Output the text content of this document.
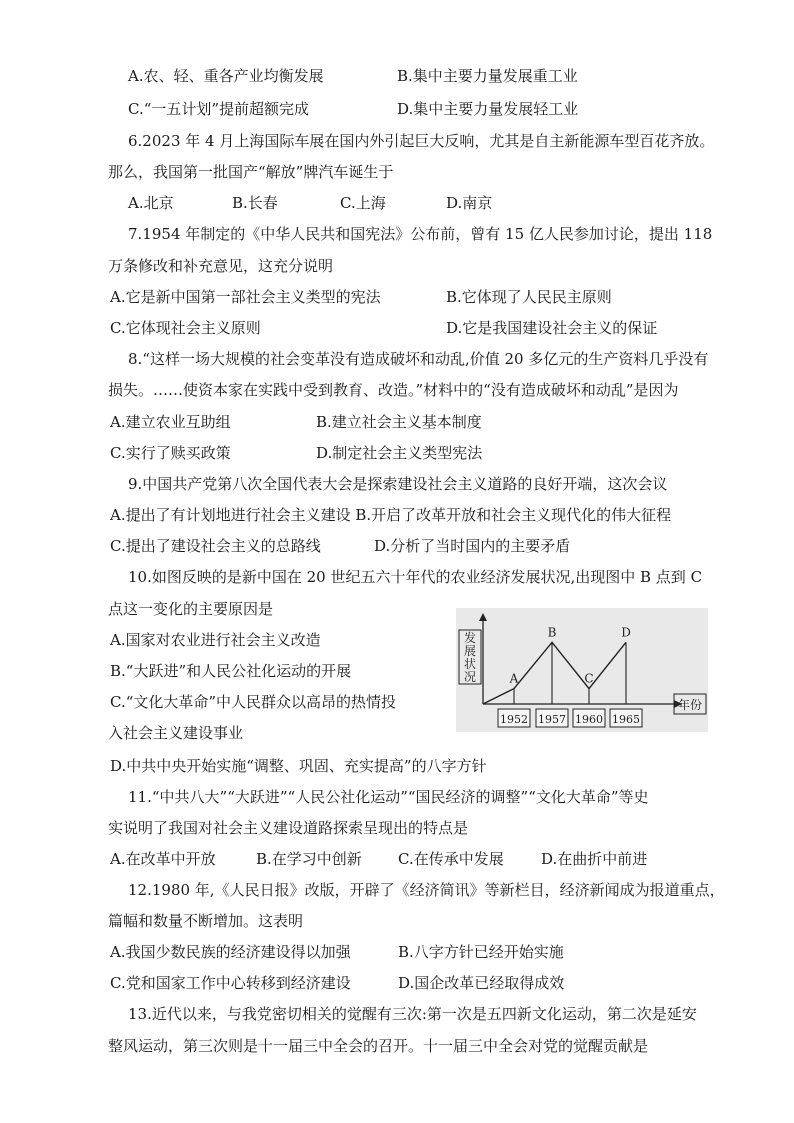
A.农、轻、重各产业均衡发展	B.集中主要力量发展重工业
C.“一五计划”提前超额完成	D.集中主要力量发展轻工业
6.2023 年 4 月上海国际车展在国内外引起巨大反响，尤其是自主新能源车型百花齐放。
那么，我国第一批国产“解放”牌汽车诞生于
A.北京	B.长春	C.上海	D.南京
7.1954 年制定的《中华人民共和国宪法》公布前，曾有 15 亿人民参加讨论，提出 118
万条修改和补充意见，这充分说明
A.它是新中国第一部社会主义类型的宪法	B.它体现了人民民主原则
C.它体现社会主义原则	D.它是我国建设社会主义的保证
8.“这样一场大规模的社会变革没有造成破坏和动乱,价值 20 多亿元的生产资料几乎没有
损失。……使资本家在实践中受到教育、改造。”材料中的“没有造成破坏和动乱”是因为
A.建立农业互助组	B.建立社会主义基本制度
C.实行了赎买政策	D.制定社会主义类型宪法
9.中国共产党第八次全国代表大会是探索建设社会主义道路的良好开端，这次会议
A.提出了有计划地进行社会主义建设 B.开启了改革开放和社会主义现代化的伟大征程
C.提出了建设社会主义的总路线	D.分析了当时国内的主要矛盾
10.如图反映的是新中国在 20 世纪五六十年代的农业经济发展状况,出现图中 B 点到 C
点这一变化的主要原因是
A.国家对农业进行社会主义改造
B.“大跃进”和人民公社化运动的开展
C.“文化大革命”中人民群众以高昂的热情投
入社会主义建设事业
D.中共中央开始实施“调整、巩固、充实提高”的八字方针
11.“中共八大”“大跃进”“人民公社化运动”“国民经济的调整”“文化大革命”等史
实说明了我国对社会主义建设道路探索呈现出的特点是
A.在改革中开放	B.在学习中创新 C.在传承中发展 D.在曲折中前进
12.1980 年,《人民日报》改版，开辟了《经济简讯》等新栏目，经济新闻成为报道重点，
篇幅和数量不断增加。这表明
A.我国少数民族的经济建设得以加强	B.八字方针已经开始实施
C.党和国家工作中心转移到经济建设	D.国企改革已经取得成效
13.近代以来，与我党密切相关的觉醒有三次:第一次是五四新文化运动，第二次是延安
整风运动，第三次则是十一届三中全会的召开。十一届三中全会对党的觉醒贡献是
发展状况
年份
A
1952
B
1957
C
1960
D
1965
